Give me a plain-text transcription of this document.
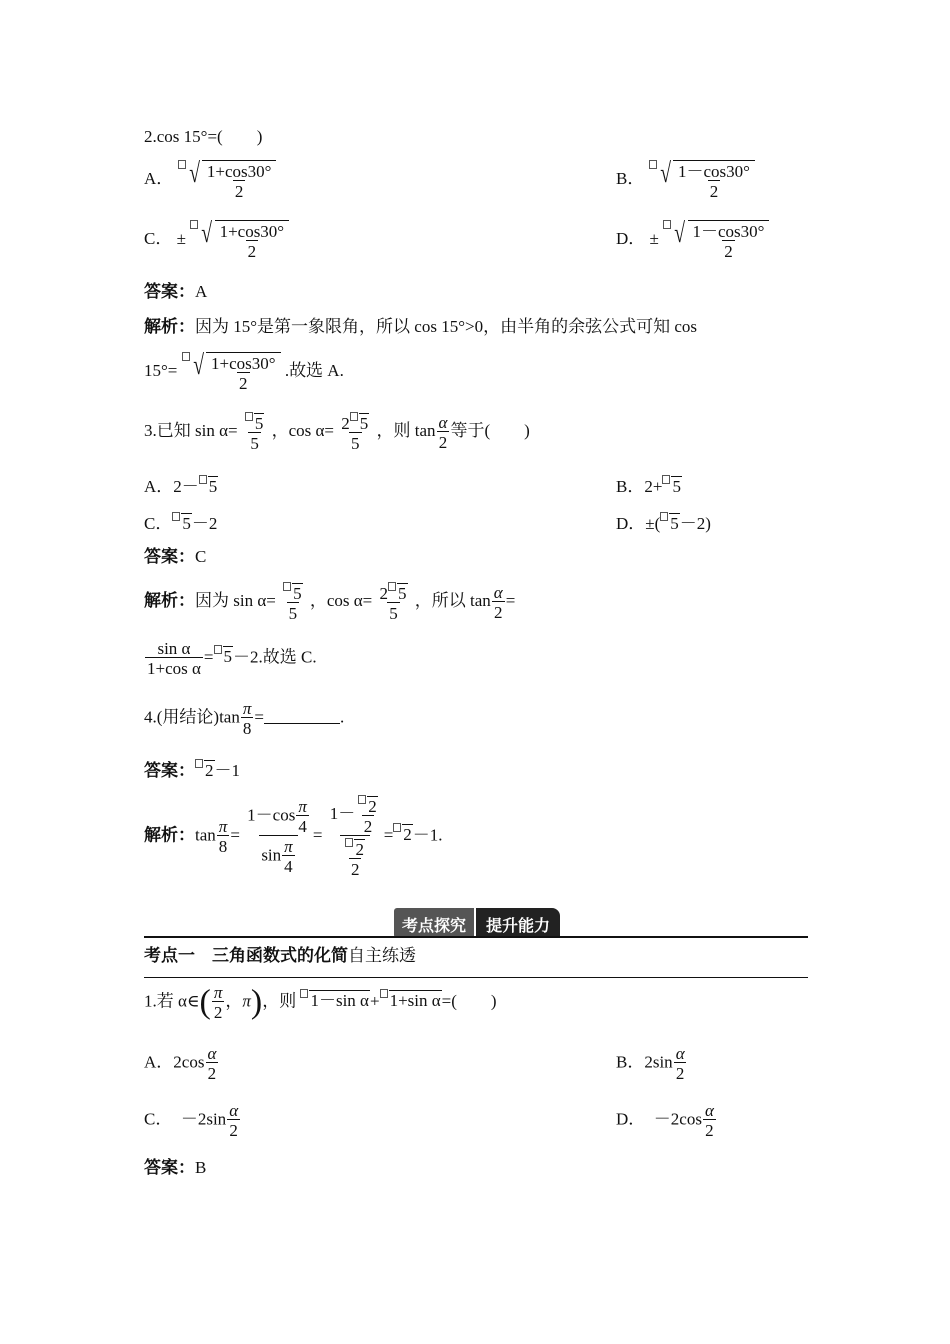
2.cos 15°=(　　)
A． √ $\frac{1+\cos 30^\circ}{2}$	B． √ $\frac{1-\cos 30^\circ}{2}$
C． ± √ $\frac{1+\cos 30^\circ}{2}$	D． ± √ $\frac{1-\cos 30^\circ}{2}$
答案：A
解析：因为 15°是第一象限角，所以 cos 15°>0，由半角的余弦公式可知 cos
15°= √ $\frac{1+\cos 30^\circ}{2}$ .故选 A.
3.已知 $\sin \alpha= \frac{5}{5}$ ，$\cos \alpha= \frac{2 5}{5}$ ，则 $\tan \frac{\alpha}{2}$ 等于(　　)
A．2－ 5	B．2+ 5
C． 5－2	D．±( 5－2)
答案：C
解析：因为 $\sin \alpha= \frac{5}{5}$ ，$\cos \alpha= \frac{2 5}{5}$ ，所以 $\tan \frac{\alpha}{2}$ =
$\frac{\text{sin α}}{\text{1+cos α}} = 5-2$.故选 C.
4.(用结论)$\tan \frac{\pi}{8}$ =	.
答案： 2－1
解析：$\tan \frac{\pi}{8} = \frac{1-\cos \frac{\pi}{4}}{\sin \frac{\pi}{4}} = \frac{1- \frac{2}{2}}{\frac{2}{2}} = 2-1$.
考点探究	提升能力
考点一　三角函数式的化简自主练透
1.若 α∈( $\frac{\pi}{2}$ ，π)，则 1－sin α+ 1+sin α=(　　)
A．$2\cos \frac{\alpha}{2}$	B．$2\sin \frac{\alpha}{2}$
C．　$-2\sin \frac{\alpha}{2}$	D．　$-2\cos \frac{\alpha}{2}$
答案：B
